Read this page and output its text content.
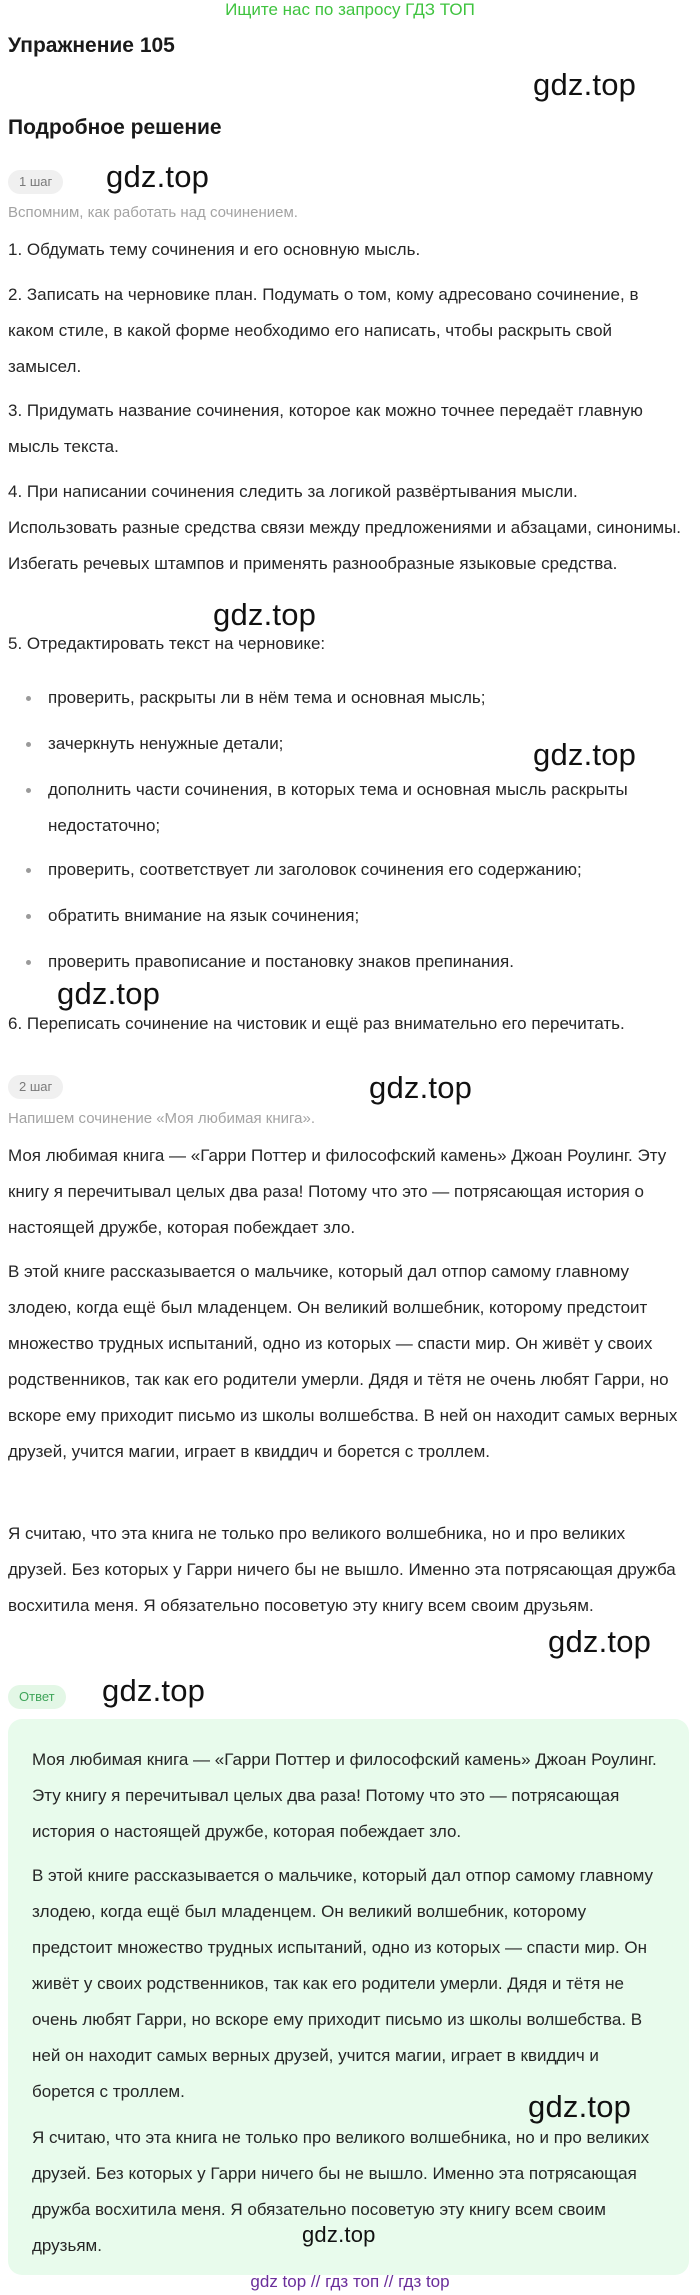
Ищите нас по запросу ГДЗ ТОП
Упражнение 105
Подробное решение
1 шаг
Вспомним, как работать над сочинением.

1. Обдумать тему сочинения и его основную мысль.

2. Записать на черновике план. Подумать о том, кому адресовано сочинение, в каком стиле, в какой форме необходимо его написать, чтобы раскрыть свой замысел.

3. Придумать название сочинения, которое как можно точнее передаёт главную мысль текста.

4. При написании сочинения следить за логикой развёртывания мысли. Использовать разные средства связи между предложениями и абзацами, синонимы. Избегать речевых штампов и применять разнообразные языковые средства.

5. Отредактировать текст на черновике:

проверить, раскрыты ли в нём тема и основная мысль;
зачеркнуть ненужные детали;
дополнить части сочинения, в которых тема и основная мысль раскрыты недостаточно;
проверить, соответствует ли заголовок сочинения его содержанию;
обратить внимание на язык сочинения;
проверить правописание и постановку знаков препинания.

6. Переписать сочинение на чистовик и ещё раз внимательно его перечитать.

2 шаг
Напишем сочинение «Моя любимая книга».

Моя любимая книга — «Гарри Поттер и философский камень» Джоан Роулинг. Эту книгу я перечитывал целых два раза! Потому что это — потрясающая история о настоящей дружбе, которая побеждает зло.

В этой книге рассказывается о мальчике, который дал отпор самому главному злодею, когда ещё был младенцем. Он великий волшебник, которому предстоит множество трудных испытаний, одно из которых — спасти мир. Он живёт у своих родственников, так как его родители умерли. Дядя и тётя не очень любят Гарри, но вскоре ему приходит письмо из школы волшебства. В ней он находит самых верных друзей, учится магии, играет в квиддич и борется с троллем.

Я считаю, что эта книга не только про великого волшебника, но и про великих друзей. Без которых у Гарри ничего бы не вышло. Именно эта потрясающая дружба восхитила меня. Я обязательно посоветую эту книгу всем своим друзьям.

Ответ

Моя любимая книга — «Гарри Поттер и философский камень» Джоан Роулинг. Эту книгу я перечитывал целых два раза! Потому что это — потрясающая история о настоящей дружбе, которая побеждает зло.

В этой книге рассказывается о мальчике, который дал отпор самому главному злодею, когда ещё был младенцем. Он великий волшебник, которому предстоит множество трудных испытаний, одно из которых — спасти мир. Он живёт у своих родственников, так как его родители умерли. Дядя и тётя не очень любят Гарри, но вскоре ему приходит письмо из школы волшебства. В ней он находит самых верных друзей, учится магии, играет в квиддич и борется с троллем.

Я считаю, что эта книга не только про великого волшебника, но и про великих друзей. Без которых у Гарри ничего бы не вышло. Именно эта потрясающая дружба восхитила меня. Я обязательно посоветую эту книгу всем своим друзьям.

gdz.top
gdz.top
gdz.top
gdz.top
gdz.top
gdz.top
gdz.top
gdz.top
gdz.top
gdz.top
gdz top // гдз топ // гдз top
